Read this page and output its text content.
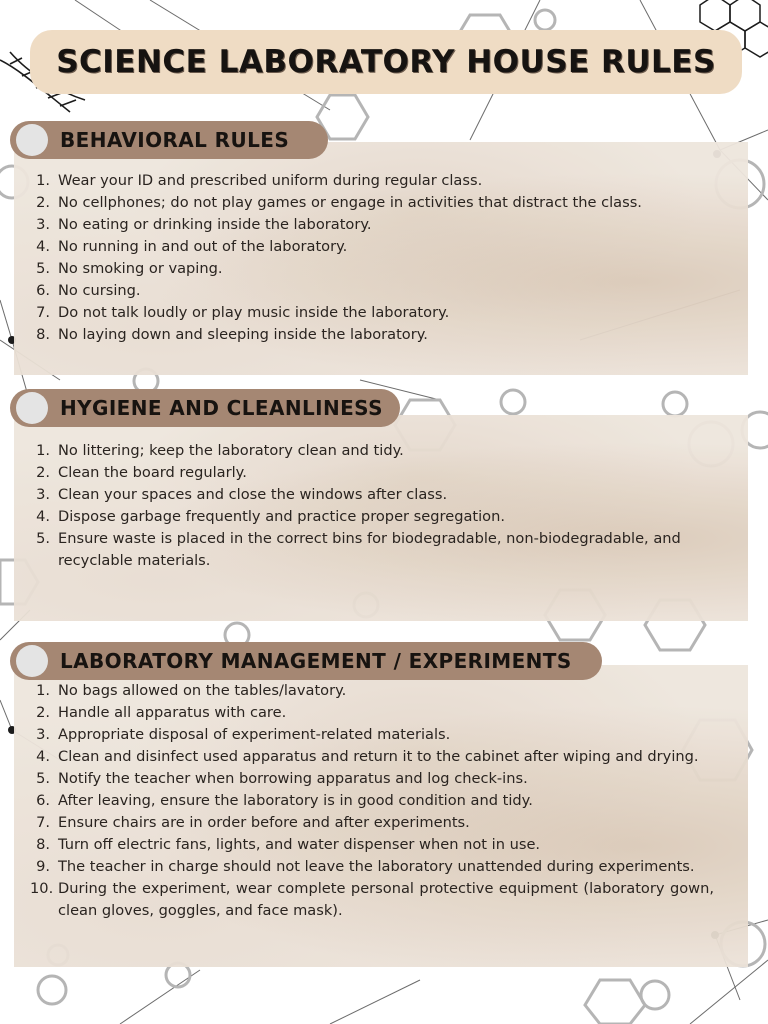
SCIENCE LABORATORY HOUSE RULES
BEHAVIORAL RULES
1. Wear your ID and prescribed uniform during regular class.
2. No cellphones; do not play games or engage in activities that distract the class.
3. No eating or drinking inside the laboratory.
4. No running in and out of the laboratory.
5. No smoking or vaping.
6. No cursing.
7. Do not talk loudly or play music inside the laboratory.
8. No laying down and sleeping inside the laboratory.
HYGIENE AND CLEANLINESS
1. No littering; keep the laboratory clean and tidy.
2. Clean the board regularly.
3. Clean your spaces and close the windows after class.
4. Dispose garbage frequently and practice proper segregation.
5. Ensure waste is placed in the correct bins for biodegradable, non-biodegradable, and recyclable materials.
LABORATORY MANAGEMENT / EXPERIMENTS
1. No bags allowed on the tables/lavatory.
2. Handle all apparatus with care.
3. Appropriate disposal of experiment-related materials.
4. Clean and disinfect used apparatus and return it to the cabinet after wiping and drying.
5. Notify the teacher when borrowing apparatus and log check-ins.
6. After leaving, ensure the laboratory is in good condition and tidy.
7. Ensure chairs are in order before and after experiments.
8. Turn off electric fans, lights, and water dispenser when not in use.
9. The teacher in charge should not leave the laboratory unattended during experiments.
10. During the experiment, wear complete personal protective equipment (laboratory gown, clean gloves, goggles, and face mask).
